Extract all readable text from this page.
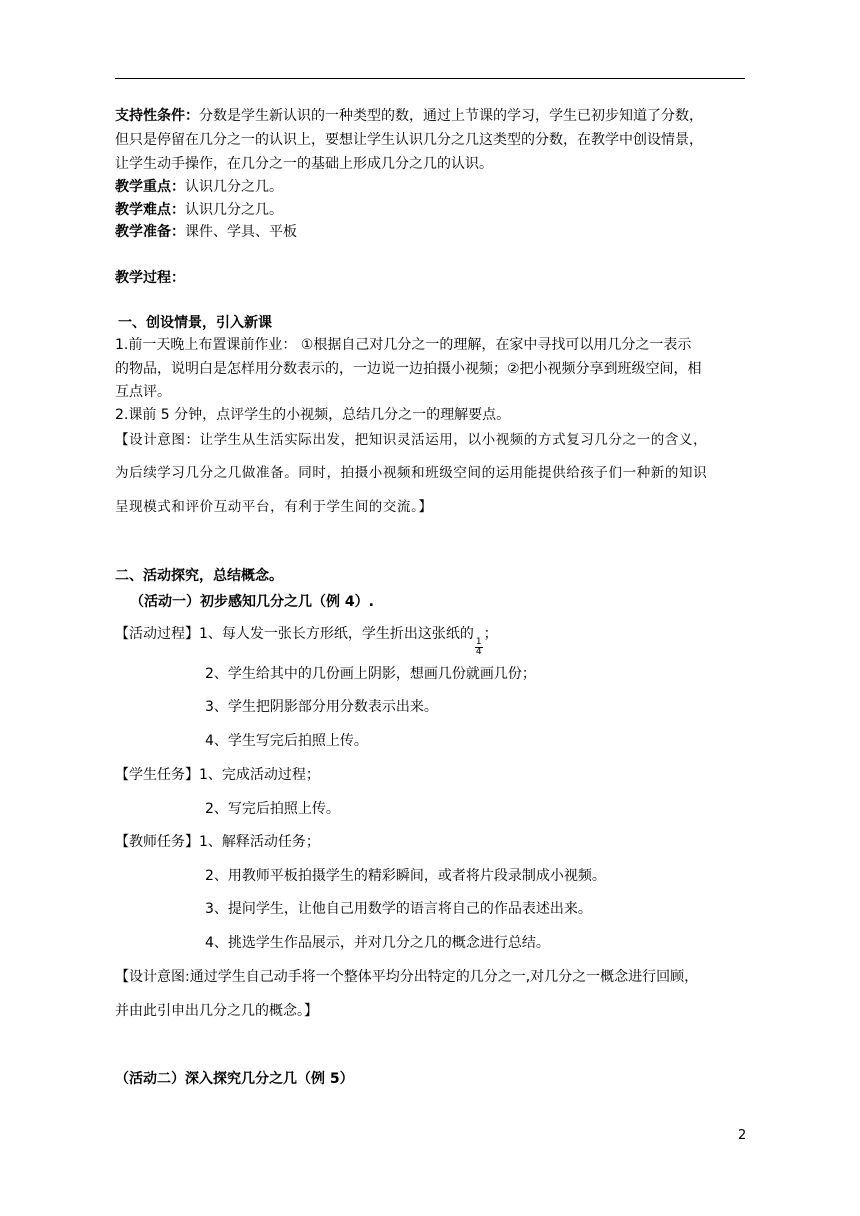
支持性条件：分数是学生新认识的一种类型的数，通过上节课的学习，学生已初步知道了分数，
但只是停留在几分之一的认识上，要想让学生认识几分之几这类型的分数，在教学中创设情景，
让学生动手操作，在几分之一的基础上形成几分之几的认识。
教学重点：认识几分之几。
教学难点：认识几分之几。
教学准备：课件、学具、平板
教学过程：
一、创设情景，引入新课
1.前一天晚上布置课前作业： ①根据自己对几分之一的理解，在家中寻找可以用几分之一表示
的物品，说明白是怎样用分数表示的，一边说一边拍摄小视频；②把小视频分享到班级空间，相
互点评。
2.课前 5 分钟，点评学生的小视频，总结几分之一的理解要点。
【设计意图：让学生从生活实际出发，把知识灵活运用，以小视频的方式复习几分之一的含义，
为后续学习几分之几做准备。同时，拍摄小视频和班级空间的运用能提供给孩子们一种新的知识
呈现模式和评价互动平台，有利于学生间的交流。】
二、活动探究，总结概念。
（活动一）初步感知几分之几（例 4）.
【活动过程】1、每人发一张长方形纸，学生折出这张纸的
$\frac{1}{4}$
；
2、学生给其中的几份画上阴影，想画几份就画几份；
3、学生把阴影部分用分数表示出来。
4、学生写完后拍照上传。
【学生任务】1、完成活动过程；
2、写完后拍照上传。
【教师任务】1、解释活动任务；
2、用教师平板拍摄学生的精彩瞬间，或者将片段录制成小视频。
3、提问学生，让他自己用数学的语言将自己的作品表述出来。
4、挑选学生作品展示，并对几分之几的概念进行总结。
【设计意图:通过学生自己动手将一个整体平均分出特定的几分之一,对几分之一概念进行回顾，
并由此引申出几分之几的概念。】
（活动二）深入探究几分之几（例 5）
2
